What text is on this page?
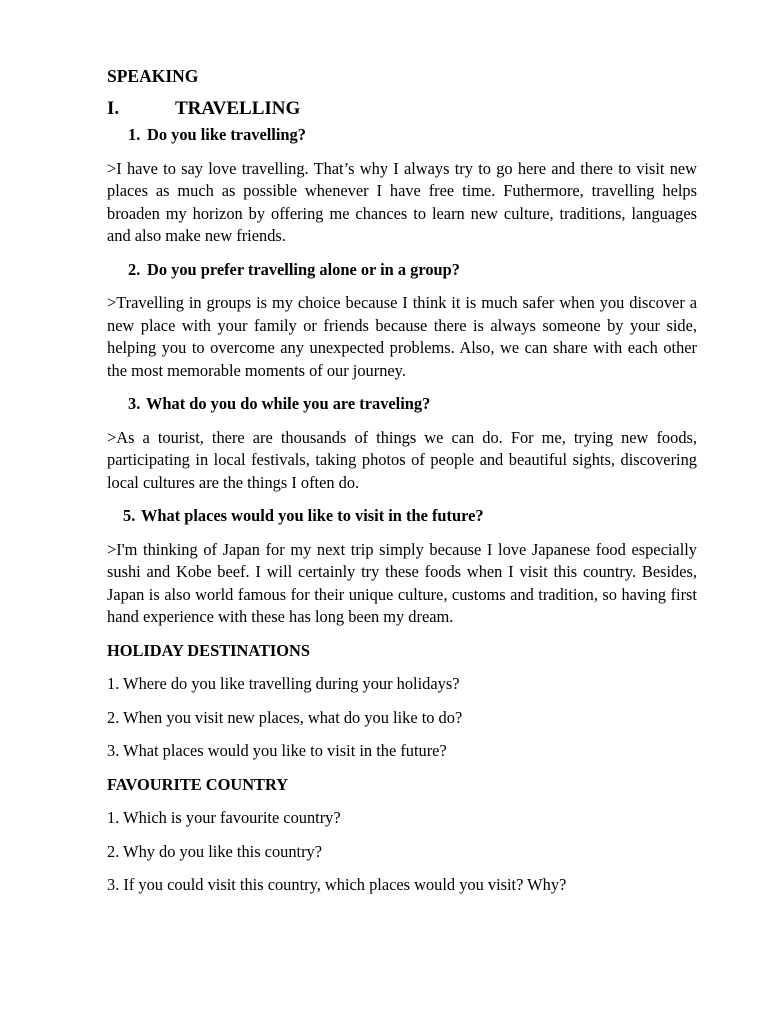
SPEAKING
I.	TRAVELLING
1. Do you like travelling?

>I have to say love travelling. That’s why I always try to go here and there to visit new places as much as possible whenever I have free time. Futhermore, travelling helps broaden my horizon by offering me chances to learn new culture, traditions, languages and also make new friends.

2. Do you prefer travelling alone or in a group?

>Travelling in groups is my choice because I think it is much safer when you discover a new place with your family or friends because there is always someone by your side, helping you to overcome any unexpected problems. Also, we can share with each other the most memorable moments of our journey.

3. What do you do while you are traveling?

>As a tourist, there are thousands of things we can do. For me, trying new foods, participating in local festivals, taking photos of people and beautiful sights, discovering local cultures are the things I often do.

5. What places would you like to visit in the future?

>I'm thinking of Japan for my next trip simply because I love Japanese food especially sushi and Kobe beef. I will certainly try these foods when I visit this country. Besides, Japan is also world famous for their unique culture, customs and tradition, so having first hand experience with these has long been my dream.

HOLIDAY DESTINATIONS
1. Where do you like travelling during your holidays?
2. When you visit new places, what do you like to do?
3. What places would you like to visit in the future?
FAVOURITE COUNTRY
1. Which is your favourite country?
2. Why do you like this country?
3. If you could visit this country, which places would you visit? Why?
